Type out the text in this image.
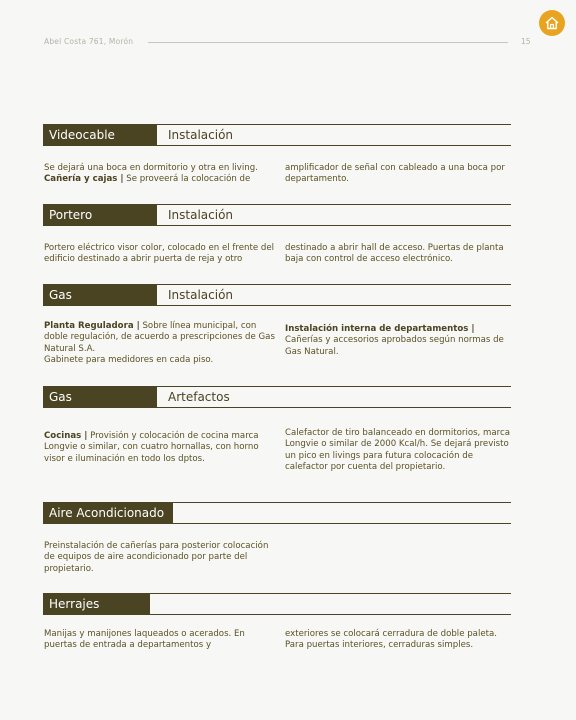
Abel Costa 761, Morón	15
Videocable	Instalación
Se dejará una boca en dormitorio y otra en living.
Cañería y cajas | Se proveerá la colocación de
amplificador de señal con cableado a una boca por departamento.
Portero	Instalación
Portero eléctrico visor color, colocado en el frente del edificio destinado a abrir puerta de reja y otro
destinado a abrir hall de acceso. Puertas de planta baja con control de acceso electrónico.
Gas	Instalación
Planta Reguladora | Sobre línea municipal, con doble regulación, de acuerdo a prescripciones de Gas Natural S.A.
Gabinete para medidores en cada piso.
Instalación interna de departamentos |
Cañerías y accesorios aprobados según normas de Gas Natural.
Gas	Artefactos
Cocinas | Provisión y colocación de cocina marca Longvie o similar, con cuatro hornallas, con horno visor e iluminación en todo los dptos.
Calefactor de tiro balanceado en dormitorios, marca Longvie o similar de 2000 Kcal/h. Se dejará previsto un pico en livings para futura colocación de calefactor por cuenta del propietario.
Aire Acondicionado
Preinstalación de cañerías para posterior colocación de equipos de aire acondicionado por parte del propietario.
Herrajes
Manijas y manijones laqueados o acerados. En puertas de entrada a departamentos y
exteriores se colocará cerradura de doble paleta. Para puertas interiores, cerraduras simples.
